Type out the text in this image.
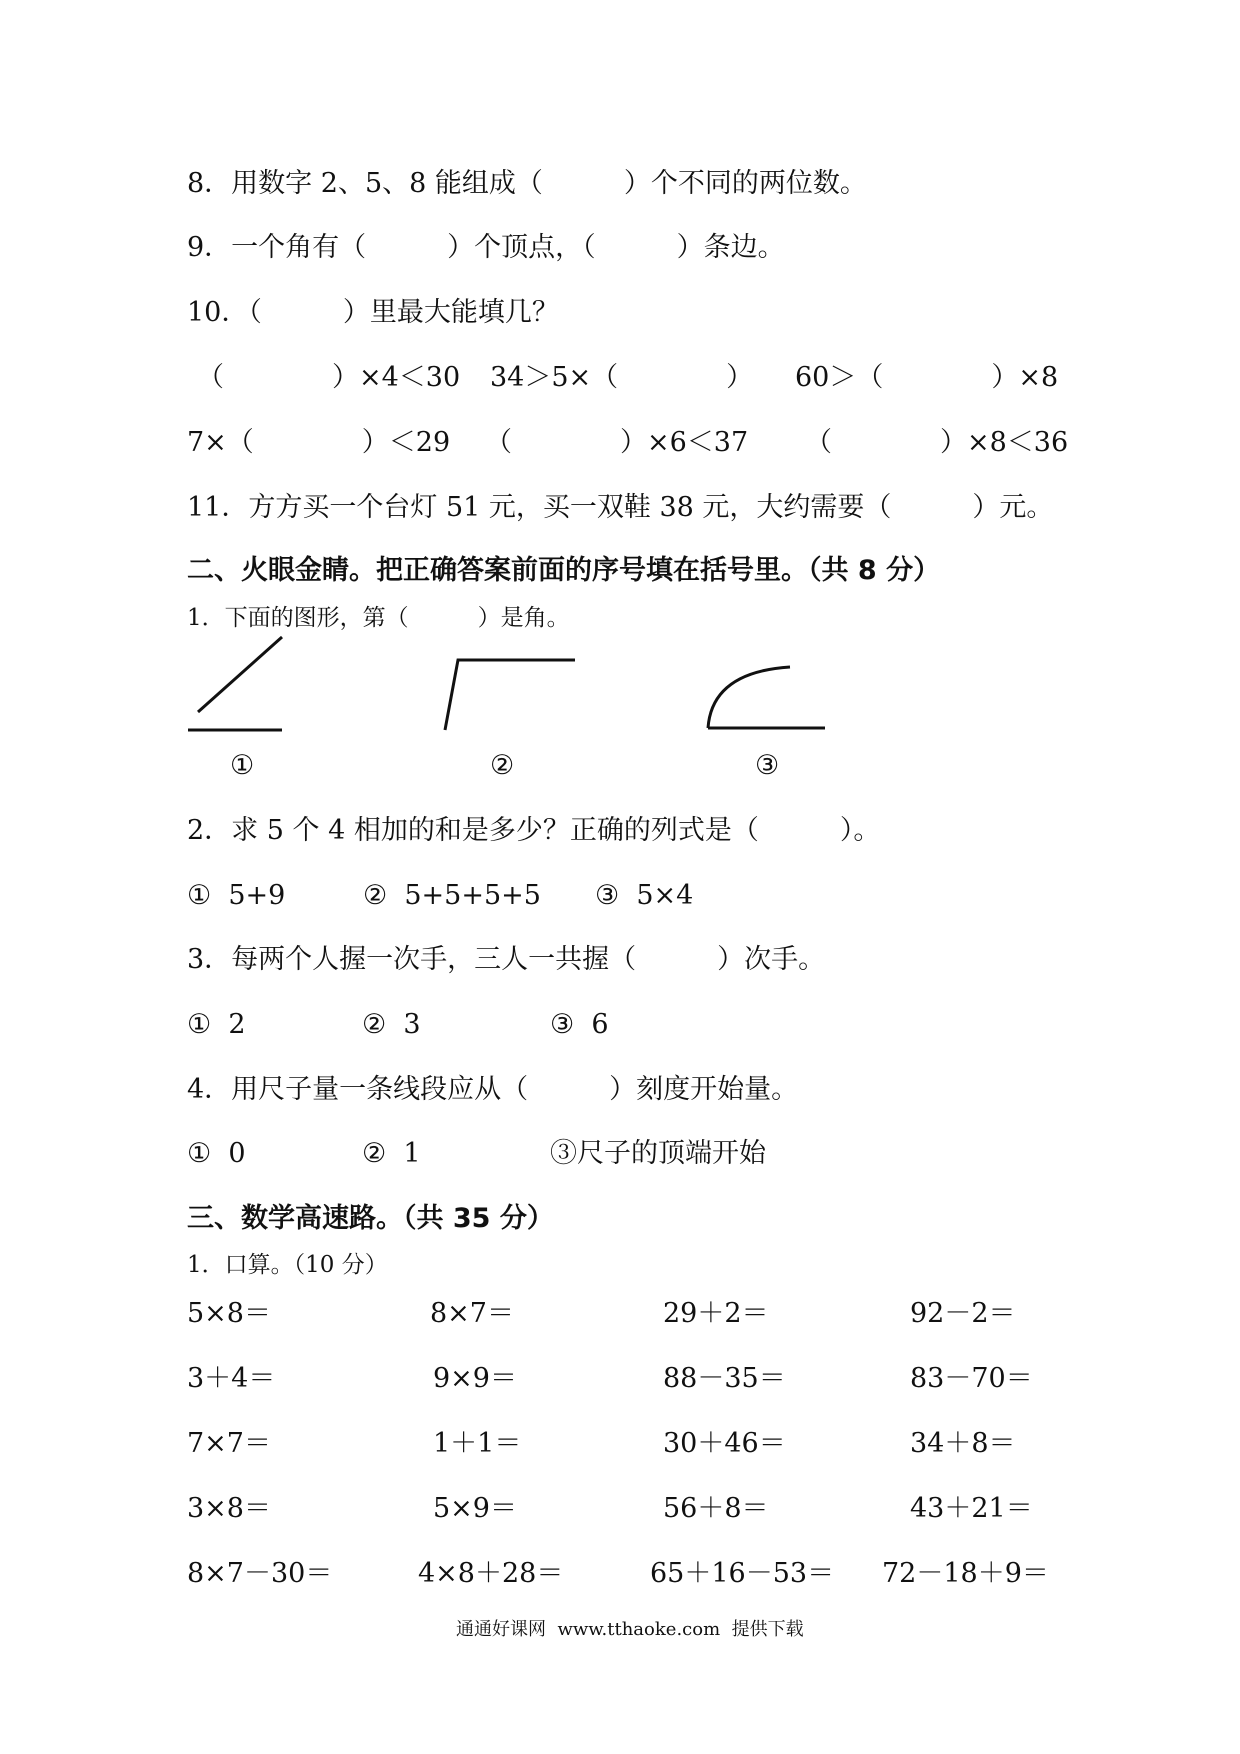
8．用数字 2、5、8 能组成（　　　）个不同的两位数。
9．一个角有（　　　）个顶点，（　　　）条边。
10．（　　　）里最大能填几？
（　　　　）×4＜30 34＞5×（　　　　） 60＞（　　　　）×8
7×（　　　　）＜29 （　　　　）×6＜37 （　　　　）×8＜36
11．方方买一个台灯 51 元，买一双鞋 38 元，大约需要（　　　）元。
二、火眼金睛。把正确答案前面的序号填在括号里。（共 8 分）
1．下面的图形，第（　　　）是角。
①	②	③
2．求 5 个 4 相加的和是多少？正确的列式是（　　　）。
①  5+9	②  5+5+5+5 ③  5×4
3．每两个人握一次手，三人一共握（　　　）次手。
①  2	②  3	③  6
4．用尺子量一条线段应从（　　　）刻度开始量。
①  0	②  1	③尺子的顶端开始
三、数学高速路。（共 35 分）
1．口算。（10 分）
5×8＝	8×7＝	29＋2＝	92－2＝
3＋4＝	9×9＝	88－35＝	83－70＝
7×7＝	1＋1＝	30＋46＝	34＋8＝
3×8＝	5×9＝	56＋8＝	43＋21＝
8×7－30＝	4×8＋28＝	65＋16－53＝ 72－18＋9＝
通通好课网  www.tthaoke.com  提供下载
